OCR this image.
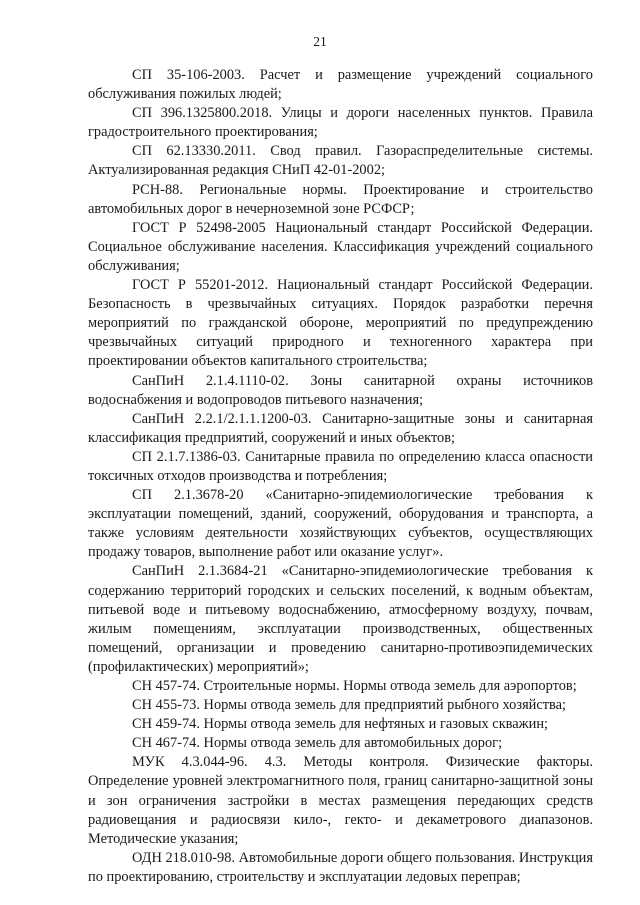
21

СП 35-106-2003. Расчет и размещение учреждений социального обслуживания пожилых людей;

СП 396.1325800.2018. Улицы и дороги населенных пунктов. Правила градостроительного проектирования;

СП 62.13330.2011. Свод правил. Газораспределительные системы. Актуализированная редакция СНиП 42-01-2002;

РСН-88. Региональные нормы. Проектирование и строительство автомобильных дорог в нечерноземной зоне РСФСР;

ГОСТ Р 52498-2005 Национальный стандарт Российской Федерации. Социальное обслуживание населения. Классификация учреждений социального обслуживания;

ГОСТ Р 55201-2012. Национальный стандарт Российской Федерации. Безопасность в чрезвычайных ситуациях. Порядок разработки перечня мероприятий по гражданской обороне, мероприятий по предупреждению чрезвычайных ситуаций природного и техногенного характера при проектировании объектов капитального строительства;

СанПиН 2.1.4.1110-02. Зоны санитарной охраны источников водоснабжения и водопроводов питьевого назначения;

СанПиН 2.2.1/2.1.1.1200-03. Санитарно-защитные зоны и санитарная классификация предприятий, сооружений и иных объектов;

СП 2.1.7.1386-03. Санитарные правила по определению класса опасности токсичных отходов производства и потребления;

СП 2.1.3678-20 «Санитарно-эпидемиологические требования к эксплуатации помещений, зданий, сооружений, оборудования и транспорта, а также условиям деятельности хозяйствующих субъектов, осуществляющих продажу товаров, выполнение работ или оказание услуг».

СанПиН 2.1.3684-21 «Санитарно-эпидемиологические требования к содержанию территорий городских и сельских поселений, к водным объектам, питьевой воде и питьевому водоснабжению, атмосферному воздуху, почвам, жилым помещениям, эксплуатации производственных, общественных помещений, организации и проведению санитарно-противоэпидемических (профилактических) мероприятий»;

СН 457-74. Строительные нормы. Нормы отвода земель для аэропортов;

СН 455-73. Нормы отвода земель для предприятий рыбного хозяйства;

СН 459-74. Нормы отвода земель для нефтяных и газовых скважин;

СН 467-74. Нормы отвода земель для автомобильных дорог;

МУК 4.3.044-96. 4.3. Методы контроля. Физические факторы. Определение уровней электромагнитного поля, границ санитарно-защитной зоны и зон ограничения застройки в местах размещения передающих средств радиовещания и радиосвязи кило-, гекто- и декаметрового диапазонов. Методические указания;

ОДН 218.010-98. Автомобильные дороги общего пользования. Инструкция по проектированию, строительству и эксплуатации ледовых переправ;
